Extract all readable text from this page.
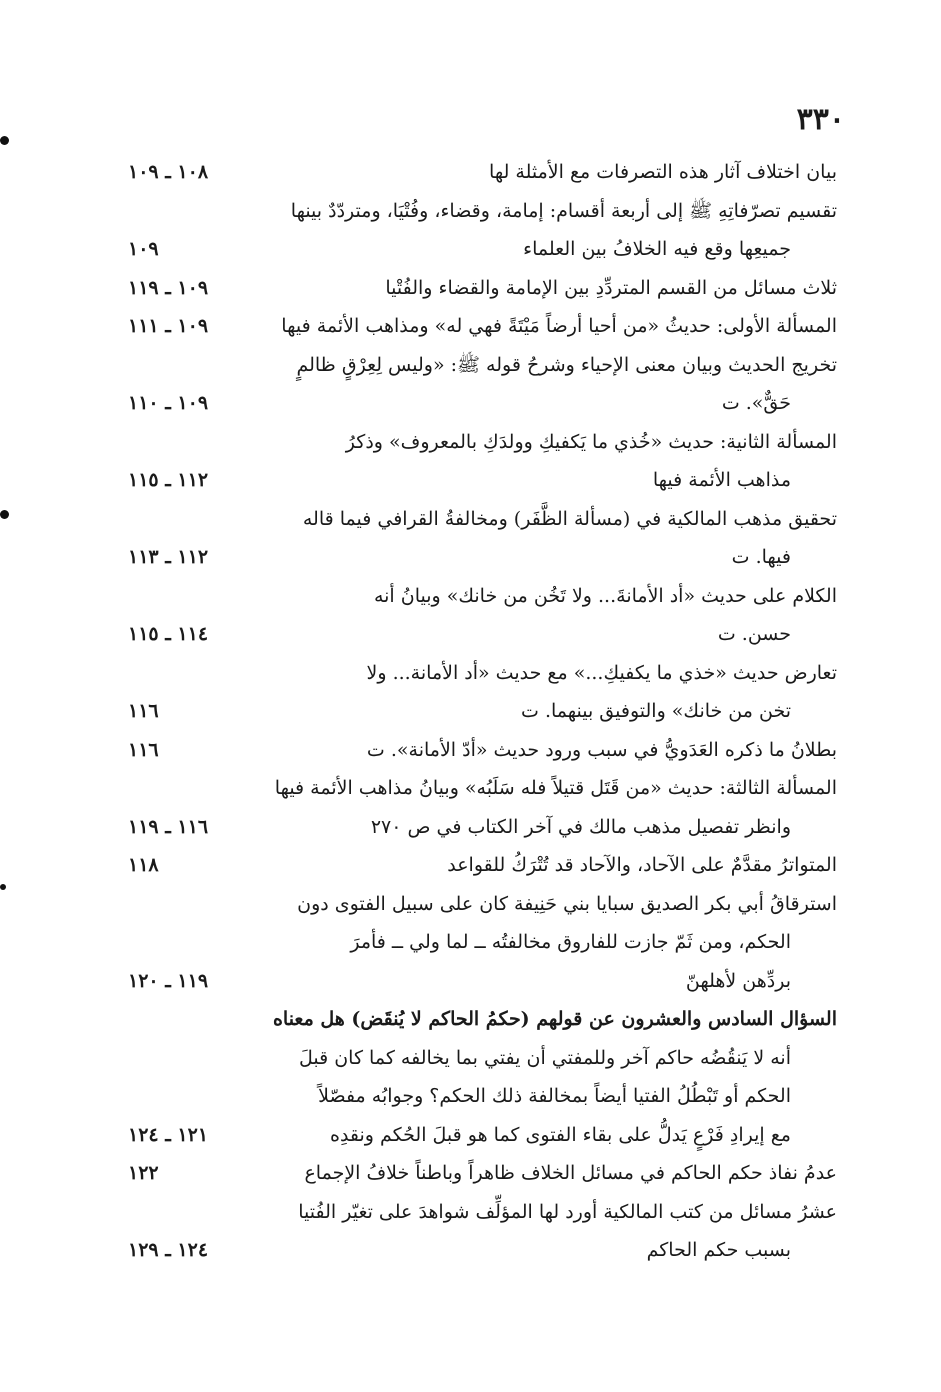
٣٣٠
بيان اختلاف آثار هذه التصرفات مع الأمثلة لها
تقسيم تصرّفاتِهِ ﷺ إلى أربعة أقسام: إمامة، وقضاء، وفُتْيَا، ومتردّدٌ بينها
جميعِها وقع فيه الخلافُ بين العلماء
ثلاث مسائل من القسم المتردِّدِ بين الإمامة والقضاء والفُتْيا
المسألة الأولى: حديثُ «من أحيا أرضاً مَيْتَةً فهي له» ومذاهب الأئمة فيها
تخريج الحديث وبيان معنى الإحياء وشرحُ قوله ﷺ: «وليس لِعِرْقٍ ظالمٍ
حَقٌّ». ت
المسألة الثانية: حديث «خُذي ما يَكفيكِ وولدَكِ بالمعروف» وذكرُ
مذاهب الأئمة فيها
تحقيق مذهب المالكية في (مسألة الظَّفَر) ومخالفةُ القرافي فيما قاله
فيها. ت
الكلام على حديث «أد الأمانةَ... ولا تَخُن من خانك» وبيانُ أنه
حسن. ت
تعارض حديث «خذي ما يكفيكِ...» مع حديث «أد الأمانة... ولا
تخن من خانك» والتوفيق بينهما. ت
بطلانُ ما ذكره العَدَويُّ في سبب ورود حديث «أدّ الأمانة». ت
المسألة الثالثة: حديث «من قَتَل قتيلاً فله سَلَبُه» وبيانُ مذاهب الأئمة فيها
وانظر تفصيل مذهب مالك في آخر الكتاب في ص ٢٧٠
المتواترُ مقدَّمٌ على الآحاد، والآحاد قد تُتْرَكُ للقواعد
استرقاقُ أبي بكر الصديق سبايا بني حَنِيفة كان على سبيل الفتوى دون
الحكم، ومن ثَمّ جازت للفاروق مخالفتُه ــ لما ولي ــ فأمرَ
بردِّهن لأهلهنّ
السؤال السادس والعشرون عن قولهم (حكمُ الحاكم لا يُنقَض) هل معناه
أنه لا يَنقُضُه حاكم آخر وللمفتي أن يفتي بما يخالفه كما كان قبلَ
الحكم أو تَبْطُلُ الفتيا أيضاً بمخالفة ذلك الحكم؟ وجوابُه مفصّلاً
مع إيرادِ فَرْعٍ يَدلُّ على بقاء الفتوى كما هو قبلَ الحُكم ونقدِه
عدمُ نفاذ حكم الحاكم في مسائل الخلاف ظاهراً وباطناً خلافُ الإجماع
عشرُ مسائل من كتب المالكية أورد لها المؤلِّف شواهدَ على تغيّر الفُتيا
بسبب حكم الحاكم
١٠٨ ـ ١٠٩
١٠٩
١٠٩ ـ ١١٩
١٠٩ ـ ١١١
١٠٩ ـ ١١٠
١١٢ ـ ١١٥
١١٢ ـ ١١٣
١١٤ ـ ١١٥
١١٦
١١٦
١١٦ ـ ١١٩
١١٨
١١٩ ـ ١٢٠
١٢١ ـ ١٢٤
١٢٢
١٢٤ ـ ١٢٩
